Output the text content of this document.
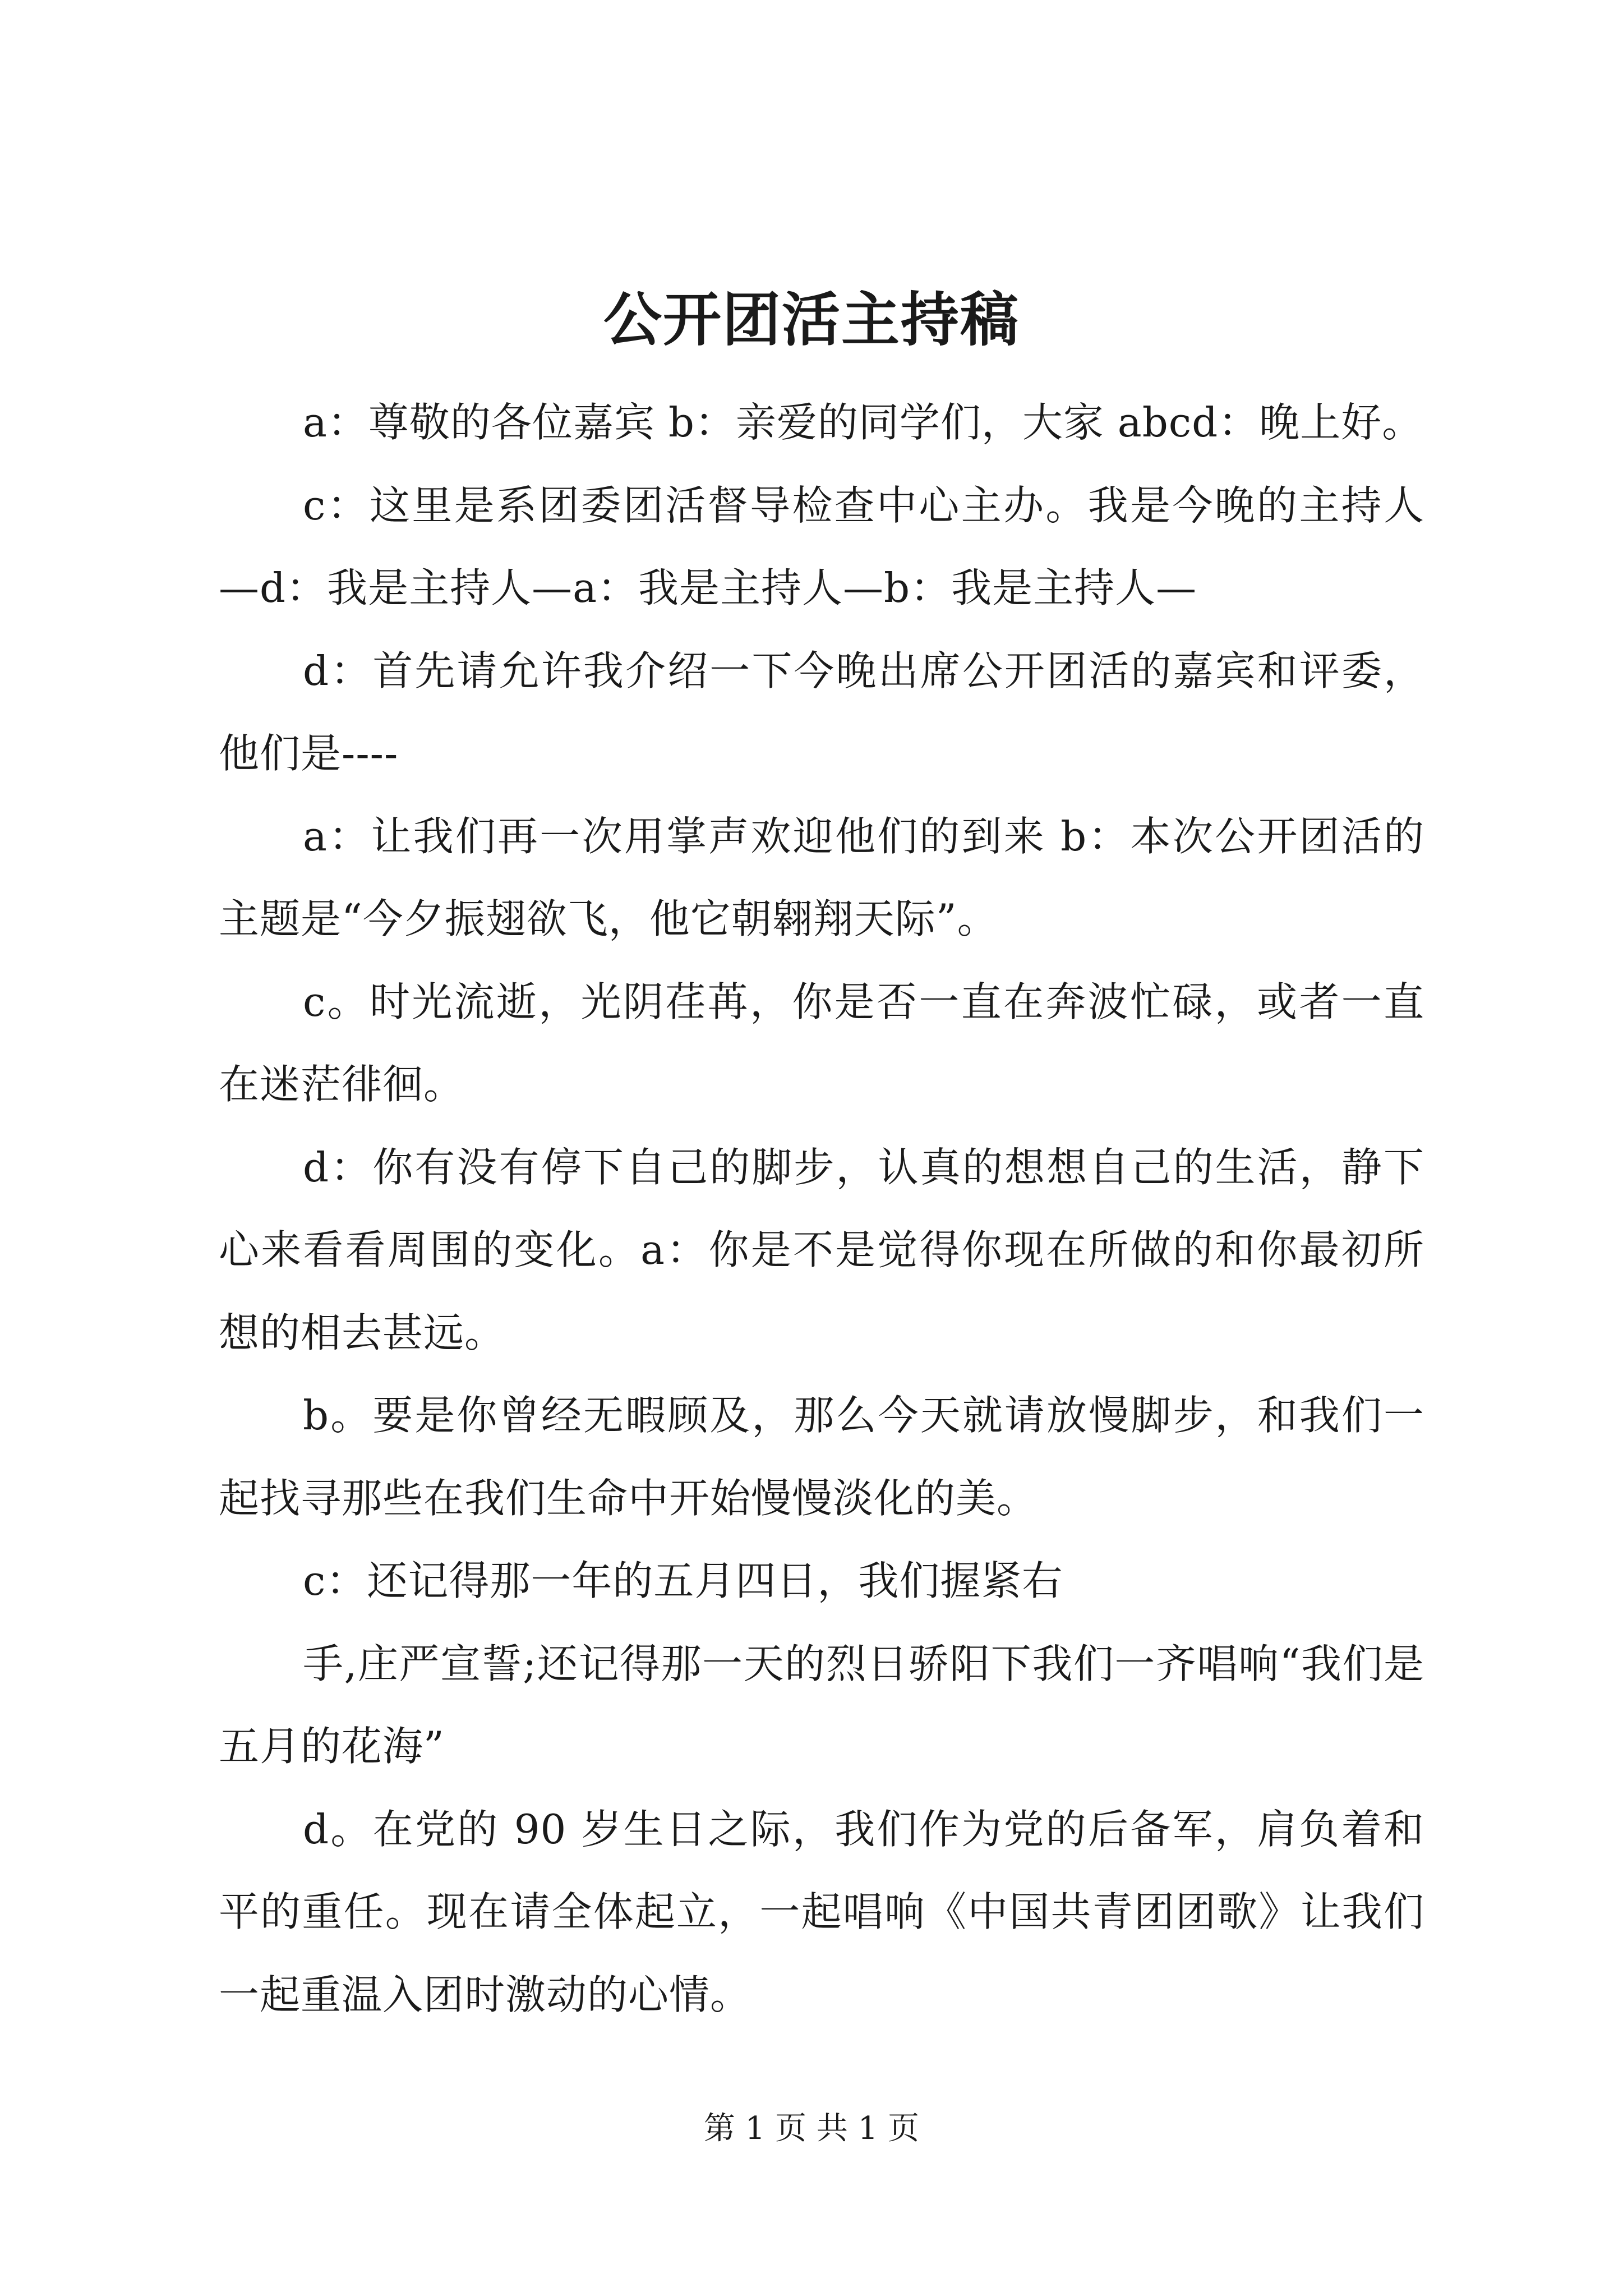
公开团活主持稿

a：尊敬的各位嘉宾 b：亲爱的同学们，大家 abcd：晚上好。

c：这里是系团委团活督导检查中心主办。我是今晚的主持人—d：我是主持人—a：我是主持人—b：我是主持人—

d：首先请允许我介绍一下今晚出席公开团活的嘉宾和评委，他们是----

a：让我们再一次用掌声欢迎他们的到来 b：本次公开团活的主题是“今夕振翅欲飞，他它朝翱翔天际”。

c。时光流逝，光阴荏苒，你是否一直在奔波忙碌，或者一直在迷茫徘徊。

d：你有没有停下自己的脚步，认真的想想自己的生活，静下心来看看周围的变化。a：你是不是觉得你现在所做的和你最初所想的相去甚远。

b。要是你曾经无暇顾及，那么今天就请放慢脚步，和我们一起找寻那些在我们生命中开始慢慢淡化的美。

c：还记得那一年的五月四日，我们握紧右

手,庄严宣誓;还记得那一天的烈日骄阳下我们一齐唱响“我们是五月的花海”

d。在党的 90 岁生日之际，我们作为党的后备军，肩负着和平的重任。现在请全体起立，一起唱响《中国共青团团歌》让我们一起重温入团时激动的心情。

第 1 页 共 1 页
